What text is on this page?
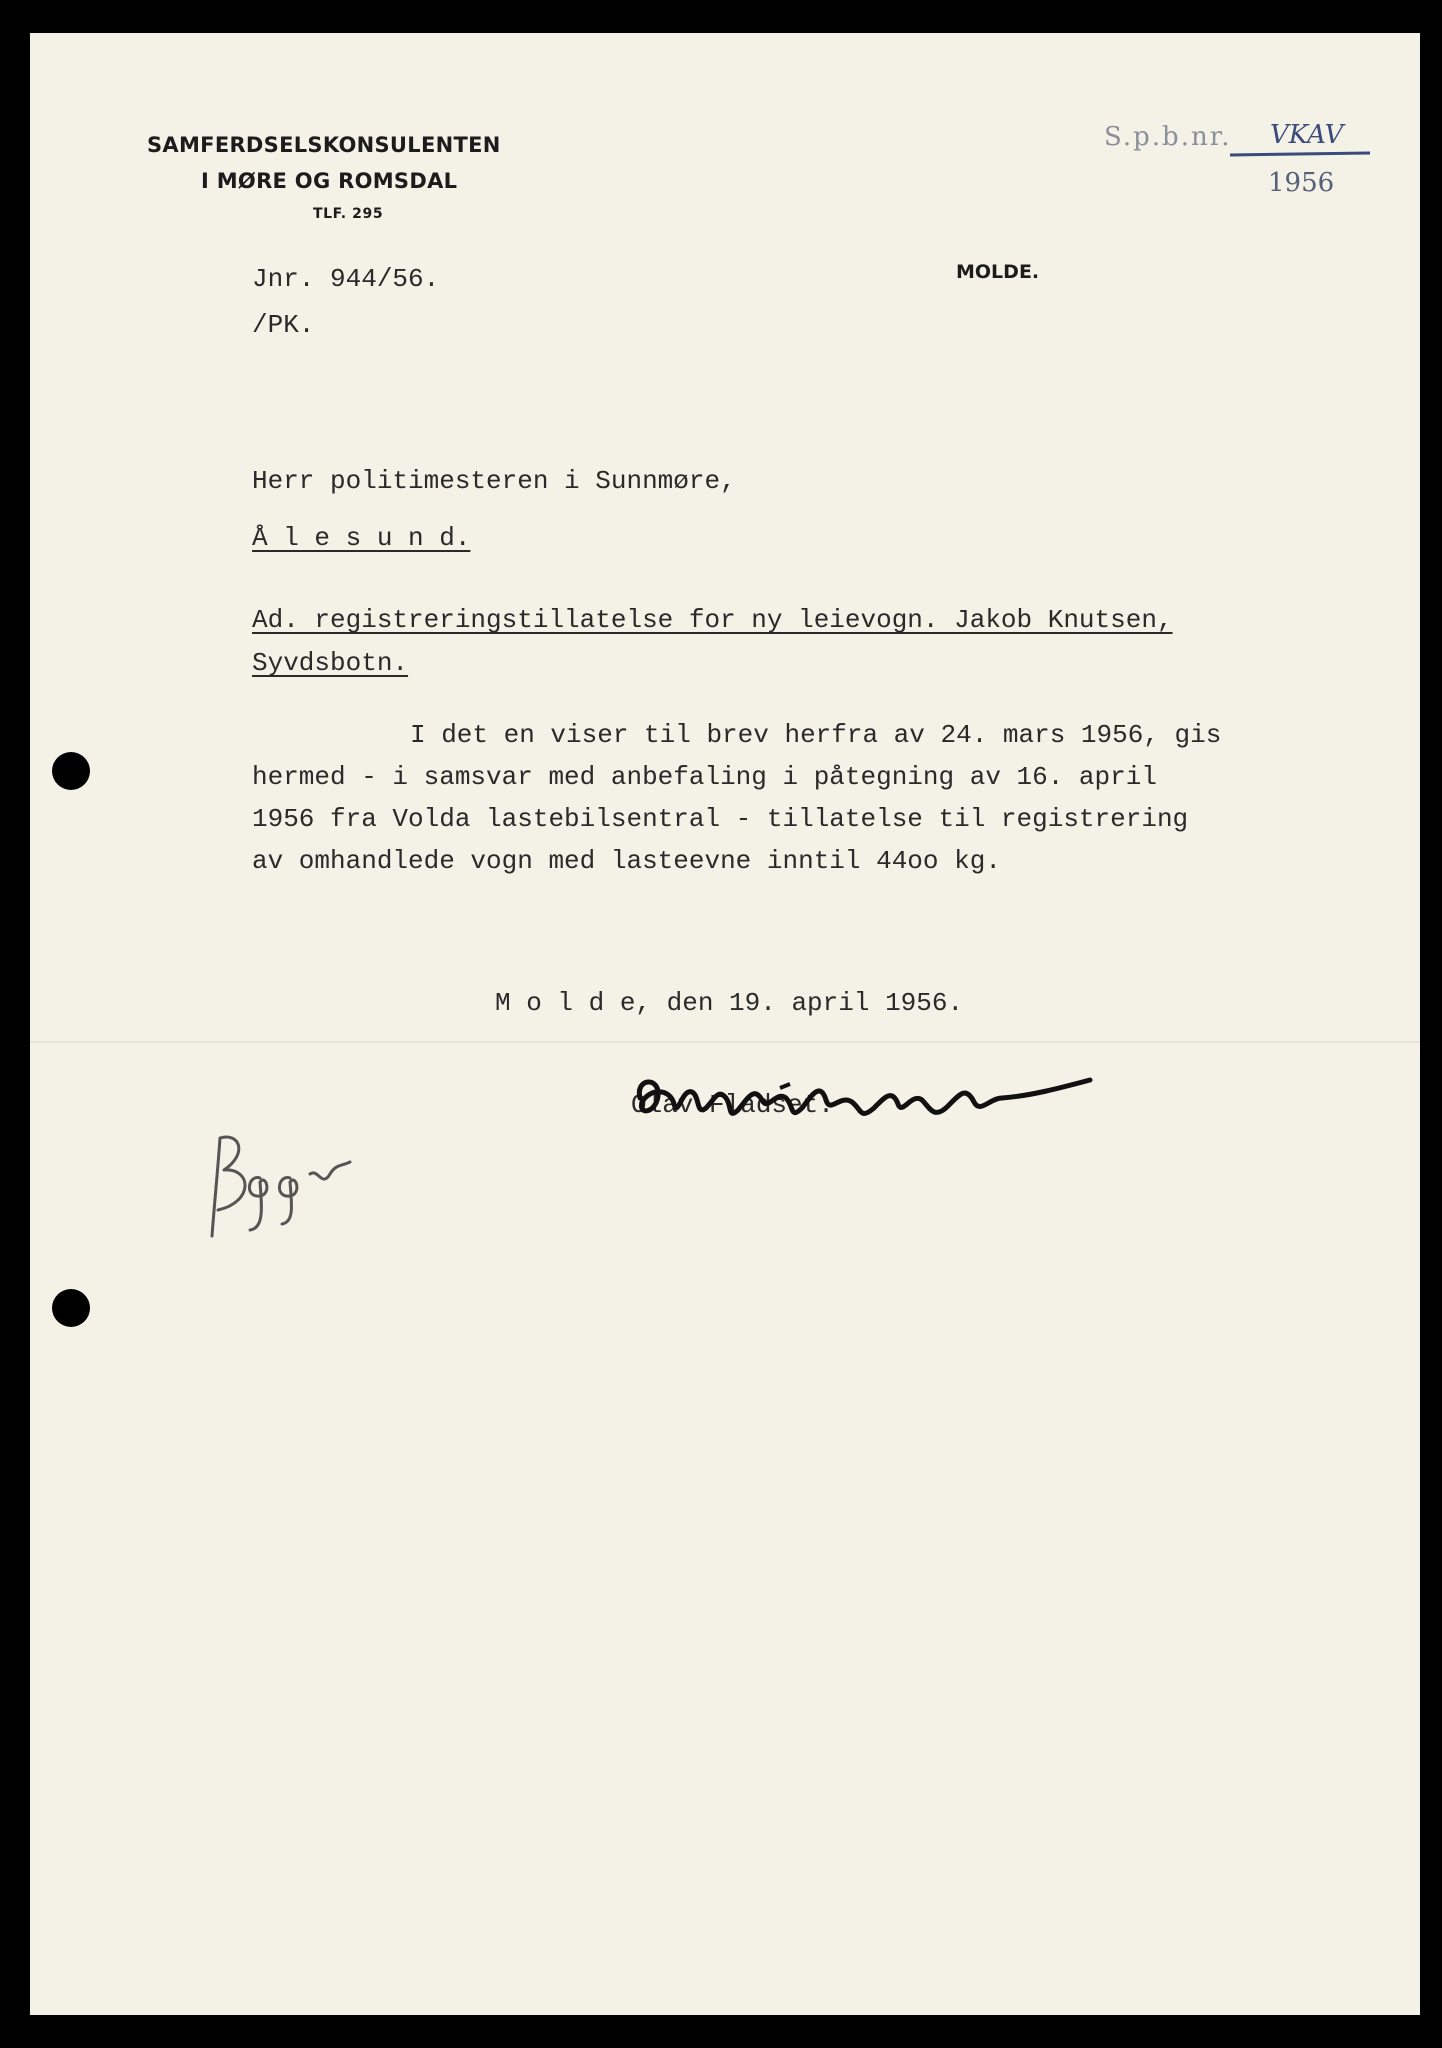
SAMFERDSELSKONSULENTEN
I MØRE OG ROMSDAL
TLF. 295
MOLDE.
S.p.b.nr. VKAV
1956
Jnr. 944/56.
/PK.
Herr politimesteren i Sunnmøre,
Å l e s u n d.
Ad. registreringstillatelse for ny leievogn. Jakob Knutsen,
Syvdsbotn.
I det en viser til brev herfra av 24. mars 1956, gis
hermed - i samsvar med anbefaling i påtegning av 16. april
1956 fra Volda lastebilsentral - tillatelse til registrering
av omhandlede vogn med lasteevne inntil 44oo kg.
M o l d e, den 19. april 1956.
Olav Fladset.
